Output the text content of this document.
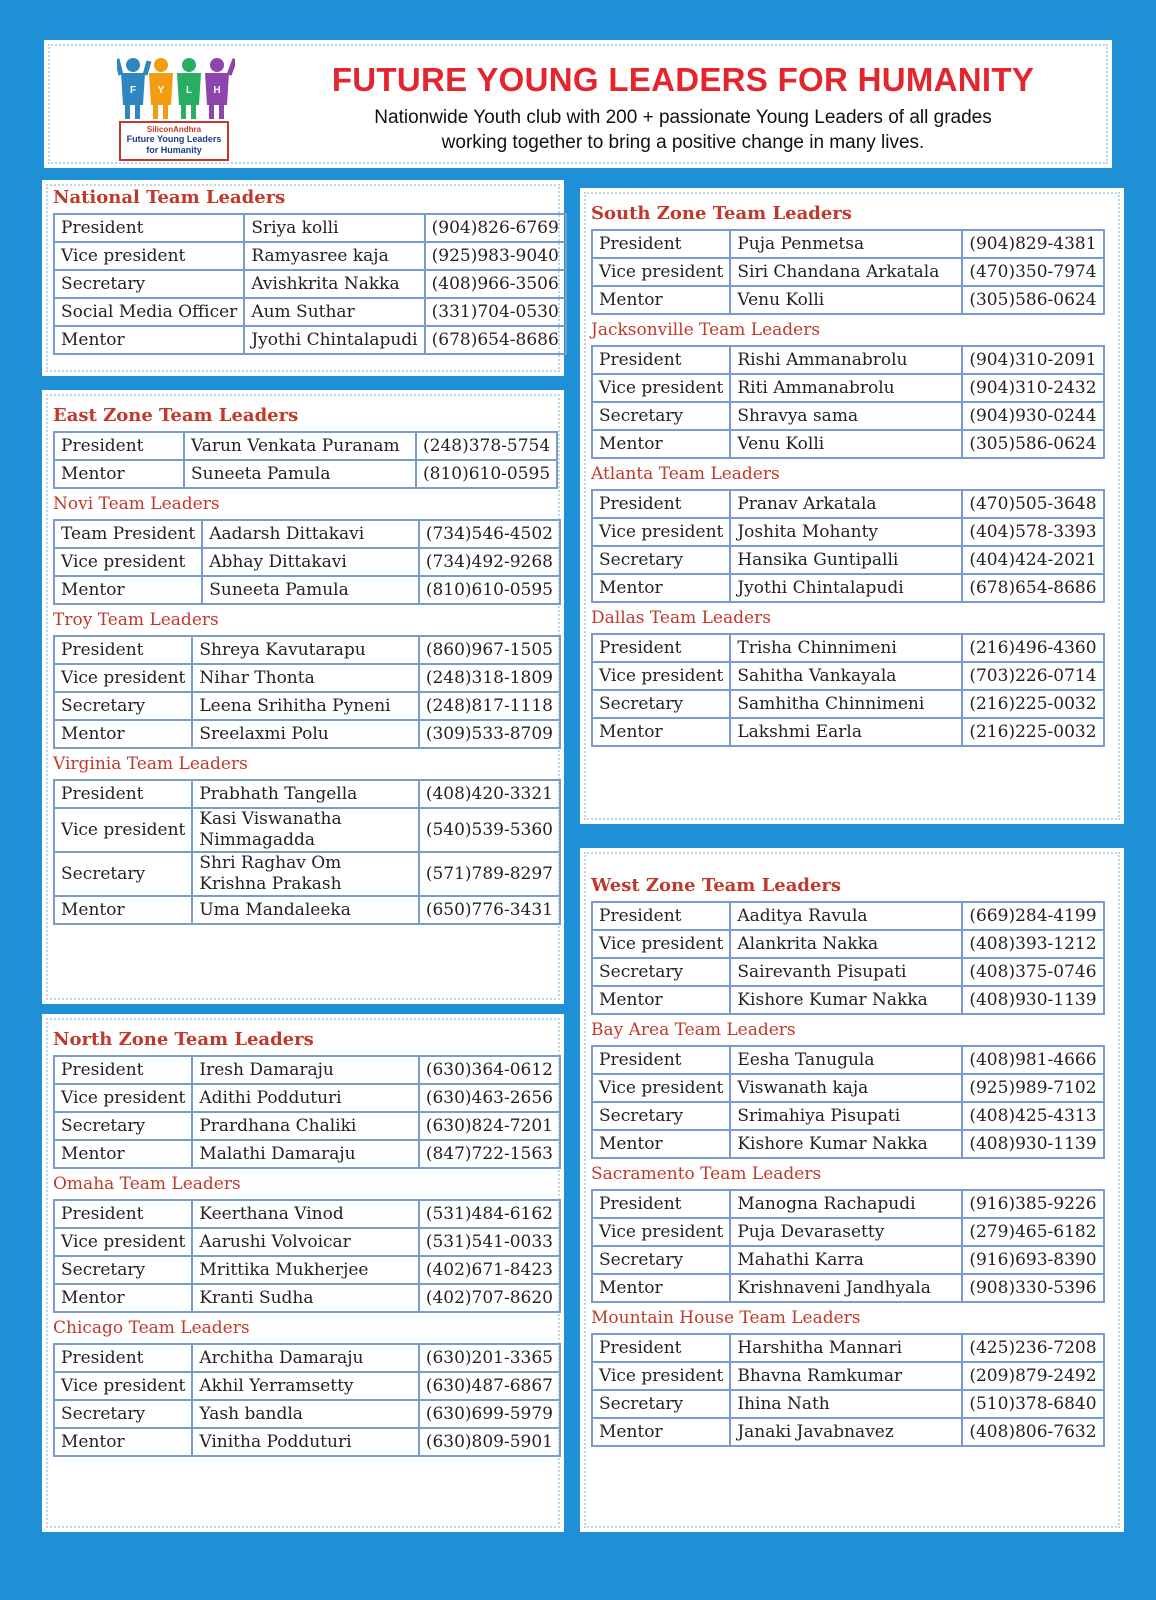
F Y L H
SiliconAndhra
Future Young Leaders
for Humanity
FUTURE YOUNG LEADERS FOR HUMANITY
Nationwide Youth club with 200 + passionate Young Leaders of all grades
working together to bring a positive change in many lives.
National Team Leaders
President	Sriya kolli	(904)826-6769
Vice president	Ramyasree kaja	(925)983-9040
Secretary	Avishkrita Nakka	(408)966-3506
Social Media Officer	Aum Suthar	(331)704-0530
Mentor	Jyothi Chintalapudi	(678)654-8686
East Zone Team Leaders
President	Varun Venkata Puranam	(248)378-5754
Mentor	Suneeta Pamula	(810)610-0595
Novi Team Leaders
Team President	Aadarsh Dittakavi	(734)546-4502
Vice president	Abhay Dittakavi	(734)492-9268
Mentor	Suneeta Pamula	(810)610-0595
Troy Team Leaders
President	Shreya Kavutarapu	(860)967-1505
Vice president	Nihar Thonta	(248)318-1809
Secretary	Leena Srihitha Pyneni	(248)817-1118
Mentor	Sreelaxmi Polu	(309)533-8709
Virginia Team Leaders
President	Prabhath Tangella	(408)420-3321
Vice president	Kasi Viswanatha Nimmagadda	(540)539-5360
Secretary	Shri Raghav Om Krishna Prakash	(571)789-8297
Mentor	Uma Mandaleeka	(650)776-3431
North Zone Team Leaders
President	Iresh Damaraju	(630)364-0612
Vice president	Adithi Podduturi	(630)463-2656
Secretary	Prardhana Chaliki	(630)824-7201
Mentor	Malathi Damaraju	(847)722-1563
Omaha Team Leaders
President	Keerthana Vinod	(531)484-6162
Vice president	Aarushi Volvoicar	(531)541-0033
Secretary	Mrittika Mukherjee	(402)671-8423
Mentor	Kranti Sudha	(402)707-8620
Chicago Team Leaders
President	Architha Damaraju	(630)201-3365
Vice president	Akhil Yerramsetty	(630)487-6867
Secretary	Yash bandla	(630)699-5979
Mentor	Vinitha Podduturi	(630)809-5901
South Zone Team Leaders
President	Puja Penmetsa	(904)829-4381
Vice president	Siri Chandana Arkatala	(470)350-7974
Mentor	Venu Kolli	(305)586-0624
Jacksonville Team Leaders
President	Rishi Ammanabrolu	(904)310-2091
Vice president	Riti Ammanabrolu	(904)310-2432
Secretary	Shravya sama	(904)930-0244
Mentor	Venu Kolli	(305)586-0624
Atlanta Team Leaders
President	Pranav Arkatala	(470)505-3648
Vice president	Joshita Mohanty	(404)578-3393
Secretary	Hansika Guntipalli	(404)424-2021
Mentor	Jyothi Chintalapudi	(678)654-8686
Dallas Team Leaders
President	Trisha Chinnimeni	(216)496-4360
Vice president	Sahitha Vankayala	(703)226-0714
Secretary	Samhitha Chinnimeni	(216)225-0032
Mentor	Lakshmi Earla	(216)225-0032
West Zone Team Leaders
President	Aaditya Ravula	(669)284-4199
Vice president	Alankrita Nakka	(408)393-1212
Secretary	Sairevanth Pisupati	(408)375-0746
Mentor	Kishore Kumar Nakka	(408)930-1139
Bay Area Team Leaders
President	Eesha Tanugula	(408)981-4666
Vice president	Viswanath kaja	(925)989-7102
Secretary	Srimahiya Pisupati	(408)425-4313
Mentor	Kishore Kumar Nakka	(408)930-1139
Sacramento Team Leaders
President	Manogna Rachapudi	(916)385-9226
Vice president	Puja Devarasetty	(279)465-6182
Secretary	Mahathi Karra	(916)693-8390
Mentor	Krishnaveni Jandhyala	(908)330-5396
Mountain House Team Leaders
President	Harshitha Mannari	(425)236-7208
Vice president	Bhavna Ramkumar	(209)879-2492
Secretary	Ihina Nath	(510)378-6840
Mentor	Janaki Javabnavez	(408)806-7632
